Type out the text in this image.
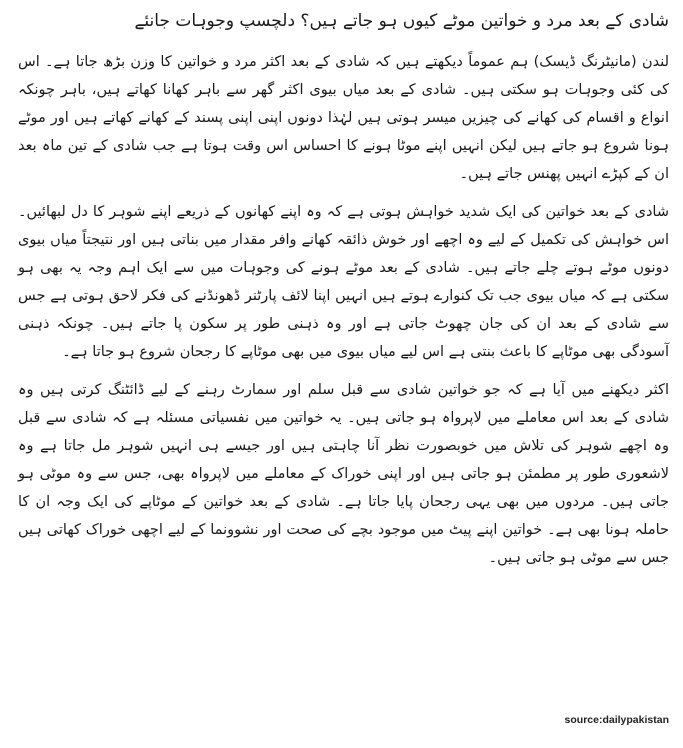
شادی کے بعد مرد و خواتین موٹے کیوں ہو جاتے ہیں؟ دلچسپ وجوہات جانئے

لندن (مانیٹرنگ ڈیسک) ہم عموماً دیکھتے ہیں کہ شادی کے بعد اکثر مرد و خواتین کا وزن بڑھ جاتا ہے۔ اس کی کئی وجوہات ہو سکتی ہیں۔ شادی کے بعد میاں بیوی اکثر گھر سے باہر کھانا کھاتے ہیں، باہر چونکہ انواع و اقسام کی کھانے کی چیزیں میسر ہوتی ہیں لہٰذا دونوں اپنی اپنی پسند کے کھانے کھاتے ہیں اور موٹے ہونا شروع ہو جاتے ہیں لیکن انہیں اپنے موٹا ہونے کا احساس اس وقت ہوتا ہے جب شادی کے تین ماہ بعد ان کے کپڑے انہیں پھنس جاتے ہیں۔

شادی کے بعد خواتین کی ایک شدید خواہش ہوتی ہے کہ وہ اپنے کھانوں کے ذریعے اپنے شوہر کا دل لبھائیں۔ اس خواہش کی تکمیل کے لیے وہ اچھے اور خوش ذائقہ کھانے وافر مقدار میں بناتی ہیں اور نتیجتاً میاں بیوی دونوں موٹے ہوتے چلے جاتے ہیں۔ شادی کے بعد موٹے ہونے کی وجوہات میں سے ایک اہم وجہ یہ بھی ہو سکتی ہے کہ میاں بیوی جب تک کنوارے ہوتے ہیں انہیں اپنا لائف پارٹنر ڈھونڈنے کی فکر لاحق ہوتی ہے جس سے شادی کے بعد ان کی جان چھوٹ جاتی ہے اور وہ ذہنی طور پر سکون پا جاتے ہیں۔ چونکہ ذہنی آسودگی بھی موٹاپے کا باعث بنتی ہے اس لیے میاں بیوی میں بھی موٹاپے کا رجحان شروع ہو جاتا ہے۔

اکثر دیکھنے میں آیا ہے کہ جو خواتین شادی سے قبل سلم اور سمارٹ رہنے کے لیے ڈائٹنگ کرتی ہیں وہ شادی کے بعد اس معاملے میں لاپرواہ ہو جاتی ہیں۔ یہ خواتین میں نفسیاتی مسئلہ ہے کہ شادی سے قبل وہ اچھے شوہر کی تلاش میں خوبصورت نظر آنا چاہتی ہیں اور جیسے ہی انہیں شوہر مل جاتا ہے وہ لاشعوری طور پر مطمئن ہو جاتی ہیں اور اپنی خوراک کے معاملے میں لاپرواہ بھی، جس سے وہ موٹی ہو جاتی ہیں۔ مردوں میں بھی یہی رجحان پایا جاتا ہے۔ شادی کے بعد خواتین کے موٹاپے کی ایک وجہ ان کا حاملہ ہونا بھی ہے۔ خواتین اپنے پیٹ میں موجود بچے کی صحت اور نشوونما کے لیے اچھی خوراک کھاتی ہیں جس سے موٹی ہو جاتی ہیں۔

source:dailypakistan
